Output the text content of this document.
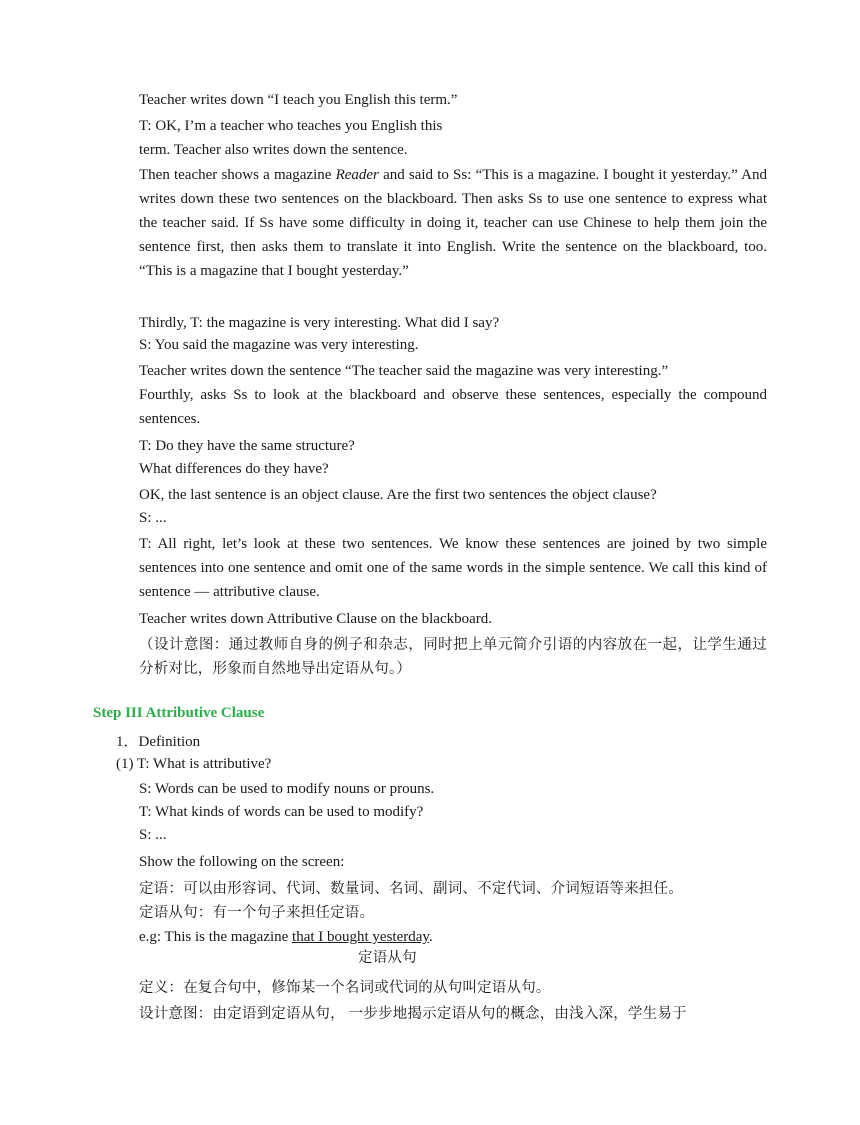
Teacher writes down “I teach you English this term.”
T: OK, I’m a teacher who teaches you English this
term. Teacher also writes down the sentence.
Then teacher shows a magazine Reader and said to Ss: “This is a magazine. I bought it yesterday.” And writes down these two sentences on the blackboard. Then asks Ss to use one sentence to express what the teacher said. If Ss have some difficulty in doing it, teacher can use Chinese to help them join the sentence first, then asks them to translate it into English. Write the sentence on the blackboard, too. “This is a magazine that I bought yesterday.”
Thirdly, T: the magazine is very interesting. What did I say?
S: You said the magazine was very interesting.
Teacher writes down the sentence “The teacher said the magazine was very interesting.”
Fourthly, asks Ss to look at the blackboard and observe these sentences, especially the compound sentences.
T: Do they have the same structure?
What differences do they have?
OK, the last sentence is an object clause. Are the first two sentences the object clause?
S: ...
T: All right, let’s look at these two sentences. We know these sentences are joined by two simple sentences into one sentence and omit one of the same words in the simple sentence. We call this kind of sentence — attributive clause.
Teacher writes down Attributive Clause on the blackboard.
（设计意图：通过教师自身的例子和杂志，同时把上单元简介引语的内容放在一起，让学生通过分析对比，形象而自然地导出定语从句。）
Step III Attributive Clause
1．Definition
(1) T: What is attributive?
S: Words can be used to modify nouns or prouns.
T: What kinds of words can be used to modify?
S: ...
Show the following on the screen:
定语：可以由形容词、代词、数量词、名词、副词、不定代词、介词短语等来担任。
定语从句：有一个句子来担任定语。
e.g: This is the magazine that I bought yesterday.
定语从句
定义：在复合句中，修饰某一个名词或代词的从句叫定语从句。
设计意图：由定语到定语从句， 一步步地揭示定语从句的概念，由浅入深，学生易于
